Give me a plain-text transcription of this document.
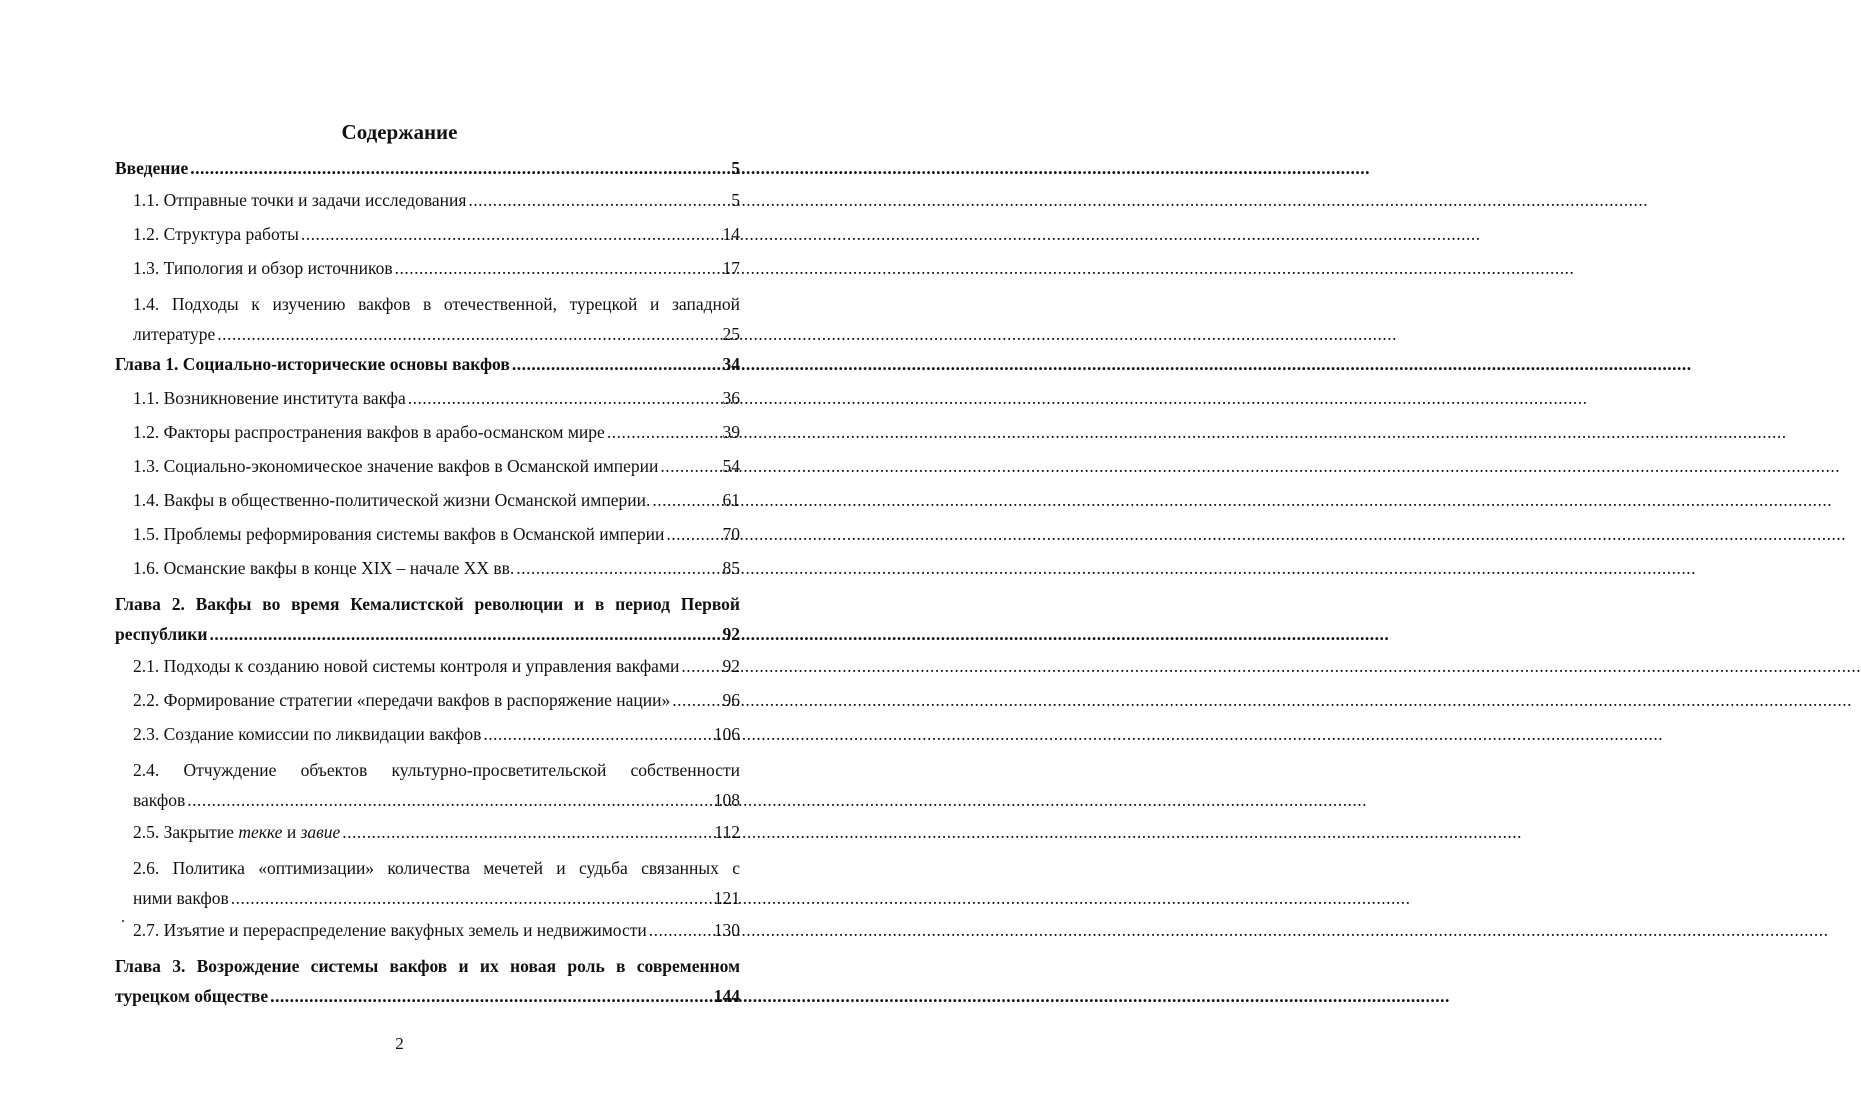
Содержание
Введение .....	5
1.1. Отправные точки и задачи исследования .....	5
1.2. Структура работы .....	14
1.3. Типология и обзор источников .....	17
1.4. Подходы к изучению вакфов в отечественной, турецкой и западной
литературе .....	25
Глава 1. Социально-исторические основы вакфов .....	34
1.1. Возникновение института вакфа .....	36
1.2. Факторы распространения вакфов в арабо-османском мире .....	39
1.3. Социально-экономическое значение вакфов в Османской империи .....	54
1.4. Вакфы в общественно-политической жизни Османской империи. .....	61
1.5. Проблемы реформирования системы вакфов в Османской империи .....	70
1.6. Османские вакфы в конце XIX – начале XX вв. .....	85
Глава 2. Вакфы во время Кемалистской революции и в период Первой
республики .....	92
2.1. Подходы к созданию новой системы контроля и управления вакфами ..... 92
2.2. Формирование стратегии «передачи вакфов в распоряжение нации» .....	96
2.3. Создание комиссии по ликвидации вакфов .....	106
2.4. Отчуждение объектов культурно-просветительской собственности
вакфов .....	108
2.5. Закрытие текке и завие .....	112
2.6. Политика «оптимизации» количества мечетей и судьба связанных с
ними вакфов .....	121
2.7. Изъятие и перераспределение вакуфных земель и недвижимости .....	130
Глава 3. Возрождение системы вакфов и их новая роль в современном
турецком обществе .....	144
2
